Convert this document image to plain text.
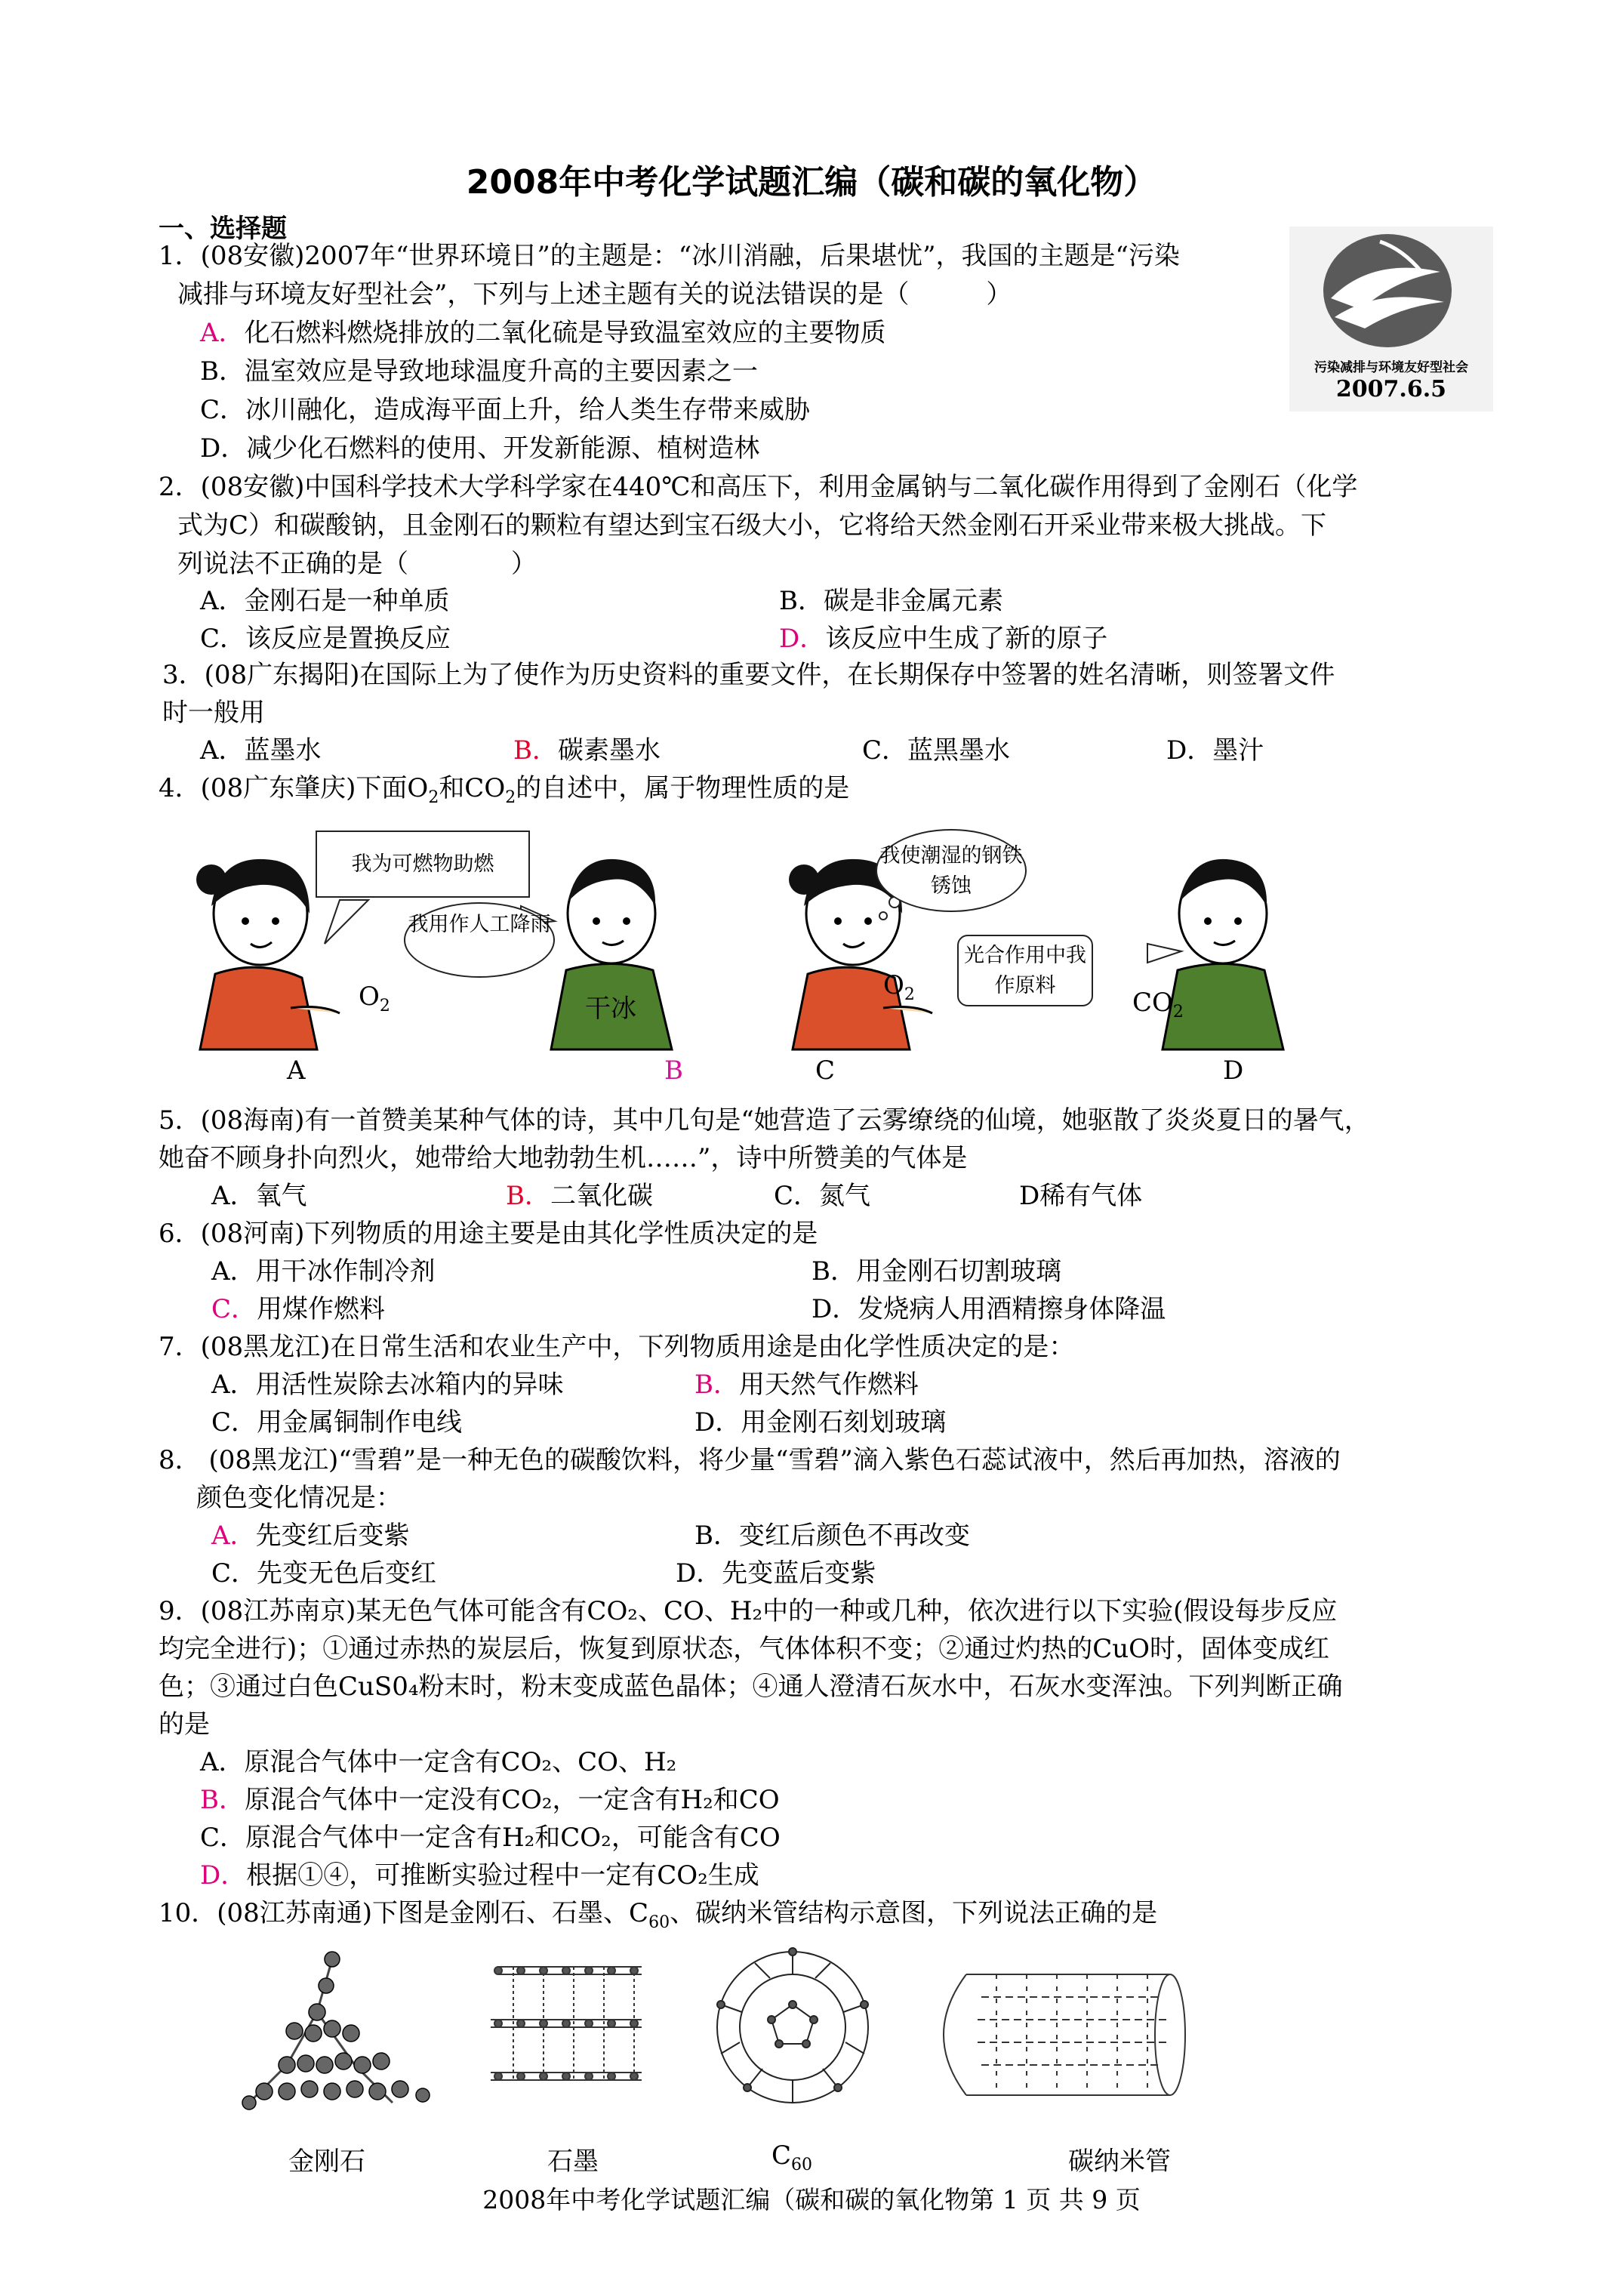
2008年中考化学试题汇编（碳和碳的氧化物）
一、选择题
污染减排与环境友好型社会
2007.6.5
1．(08安徽)2007年“世界环境日”的主题是：“冰川消融，后果堪忧”，我国的主题是“污染
减排与环境友好型社会”，下列与上述主题有关的说法错误的是（　　　）
A．化石燃料燃烧排放的二氧化硫是导致温室效应的主要物质
B．温室效应是导致地球温度升高的主要因素之一
C．冰川融化，造成海平面上升，给人类生存带来威胁
D．减少化石燃料的使用、开发新能源、植树造林
2．(08安徽)中国科学技术大学科学家在440℃和高压下，利用金属钠与二氧化碳作用得到了金刚石（化学
式为C）和碳酸钠，且金刚石的颗粒有望达到宝石级大小，它将给天然金刚石开采业带来极大挑战。下
列说法不正确的是（　　　　）
A．金刚石是一种单质	B．碳是非金属元素
C．该反应是置换反应	D．该反应中生成了新的原子
3．(08广东揭阳)在国际上为了使作为历史资料的重要文件，在长期保存中签署的姓名清晰，则签署文件
时一般用
A．蓝墨水	B．碳素墨水	C．蓝黑墨水	D．墨汁
4．(08广东肇庆)下面$O_2$和$CO_2$的自述中，属于物理性质的是
我为可燃物助燃
我用作人工降雨
我使潮湿的钢铁锈蚀
光合作用中我作原料
$O_2$	干冰
$O_2$	$CO_2$
A	B	C	D
5．(08海南)有一首赞美某种气体的诗，其中几句是“她营造了云雾缭绕的仙境，她驱散了炎炎夏日的暑气，
她奋不顾身扑向烈火，她带给大地勃勃生机……”，诗中所赞美的气体是
A．氧气	B．二氧化碳	C．氮气	D稀有气体
6．(08河南)下列物质的用途主要是由其化学性质决定的是
A．用干冰作制冷剂	B．用金刚石切割玻璃
C．用煤作燃料	D．发烧病人用酒精擦身体降温
7．(08黑龙江)在日常生活和农业生产中，下列物质用途是由化学性质决定的是：
A．用活性炭除去冰箱内的异味	B．用天然气作燃料
C．用金属铜制作电线	D．用金刚石刻划玻璃
8． (08黑龙江)“雪碧”是一种无色的碳酸饮料，将少量“雪碧”滴入紫色石蕊试液中，然后再加热，溶液的
颜色变化情况是：
A．先变红后变紫	B．变红后颜色不再改变
C．先变无色后变红	D．先变蓝后变紫
9．(08江苏南京)某无色气体可能含有CO₂、CO、H₂中的一种或几种，依次进行以下实验(假设每步反应
均完全进行)；①通过赤热的炭层后，恢复到原状态，气体体积不变；②通过灼热的CuO时，固体变成红
色；③通过白色CuS0₄粉末时，粉末变成蓝色晶体；④通人澄清石灰水中，石灰水变浑浊。下列判断正确
的是
A．原混合气体中一定含有CO₂、CO、H₂
B．原混合气体中一定没有CO₂，一定含有H₂和CO
C．原混合气体中一定含有H₂和CO₂，可能含有CO
D．根据①④，可推断实验过程中一定有CO₂生成
10．(08江苏南通)下图是金刚石、石墨、$C_{60}$、碳纳米管结构示意图，下列说法正确的是
金刚石	石墨	$C_{60}$	碳纳米管
2008年中考化学试题汇编（碳和碳的氧化物第 1 页 共 9 页
